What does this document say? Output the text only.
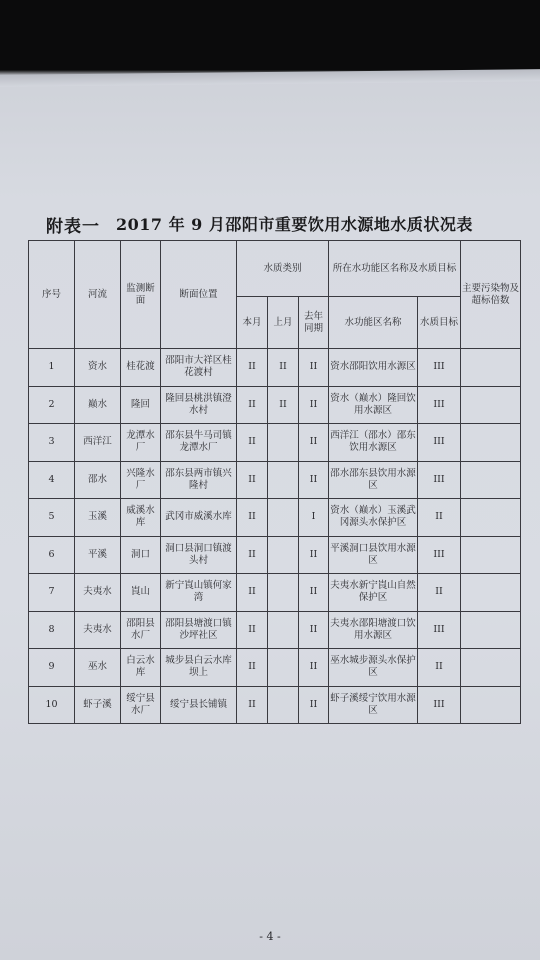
附表一 2017 年 9 月邵阳市重要饮用水源地水质状况表
序号	河流	监测断面	断面位置	水质类别			所在水功能区名称及水质目标		主要污染物及超标倍数
				本月	上月	去年同期	水功能区名称	水质目标	
1	资水	桂花渡	邵阳市大祥区桂花渡村	II	II	II	资水邵阳饮用水源区	III	
2	巅水	隆回	隆回县桃洪镇澄水村	II	II	II	资水（巅水）隆回饮用水源区	III	
3	西洋江	龙潭水厂	邵东县牛马司镇龙潭水厂	II		II	西洋江（邵水）邵东饮用水源区	III	
4	邵水	兴隆水厂	邵东县两市镇兴隆村	II		II	邵水邵东县饮用水源区	III	
5	玉溪	威溪水库	武冈市威溪水库	II		I	资水（巅水）玉溪武冈源头水保护区	II	
6	平溪	洞口	洞口县洞口镇渡头村	II		II	平溪洞口县饮用水源区	III	
7	夫夷水	崀山	新宁崀山镇何家湾	II		II	夫夷水新宁崀山自然保护区	II	
8	夫夷水	邵阳县水厂	邵阳县塘渡口镇沙坪社区	II		II	夫夷水邵阳塘渡口饮用水源区	III	
9	巫水	白云水库	城步县白云水库坝上	II		II	巫水城步源头水保护区	II	
10	虾子溪	绥宁县水厂	绥宁县长铺镇	II		II	虾子溪绥宁饮用水源区	III	
- 4 -
